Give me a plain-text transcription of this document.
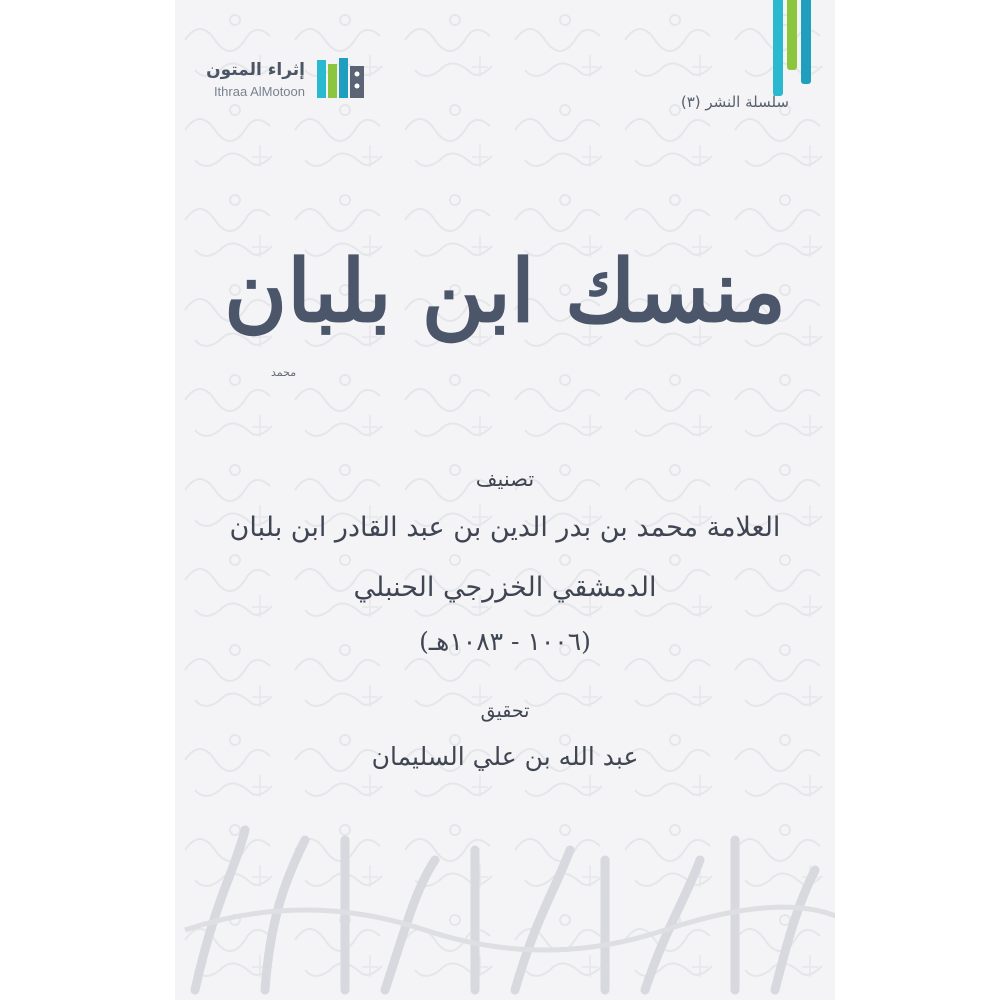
إثراء المتون
Ithraa AlMotoon
سلسلة النشر (٣)
منسك ابن بلبان
محمد
تصنيف
العلامة محمد بن بدر الدين بن عبد القادر ابن بلبان
الدمشقي الخزرجي الحنبلي
(١٠٠٦ - ١٠٨٣هـ)
تحقيق
عبد الله بن علي السليمان
